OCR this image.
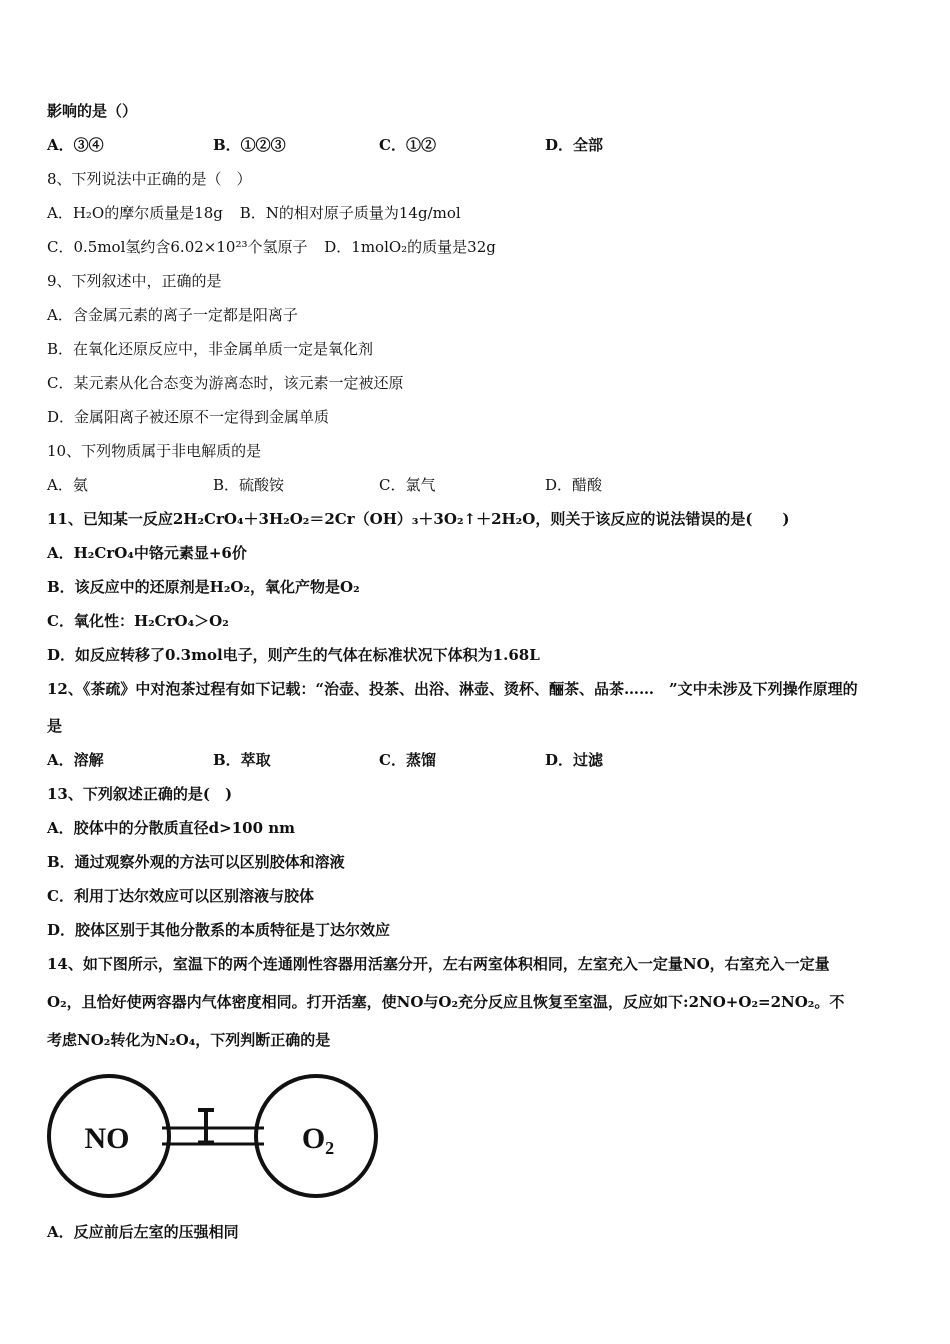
影响的是（）
A．③④	B．①②③	C．①②	D．全部
8、下列说法中正确的是（　）
A．H₂O的摩尔质量是18g B．N的相对原子质量为14g/mol
C．0.5mol氢约含6.02×10²³个氢原子 D．1molO₂的质量是32g
9、下列叙述中，正确的是
A．含金属元素的离子一定都是阳离子
B．在氧化还原反应中，非金属单质一定是氧化剂
C．某元素从化合态变为游离态时，该元素一定被还原
D．金属阳离子被还原不一定得到金属单质
10、下列物质属于非电解质的是
A．氨	B．硫酸铵	C．氯气	D．醋酸
11、已知某一反应2H₂CrO₄＋3H₂O₂＝2Cr（OH）₃＋3O₂↑＋2H₂O，则关于该反应的说法错误的是(　　)
A．H₂CrO₄中铬元素显+6价
B．该反应中的还原剂是H₂O₂，氧化产物是O₂
C．氧化性：H₂CrO₄＞O₂
D．如反应转移了0.3mol电子，则产生的气体在标准状况下体积为1.68L
12、《茶疏》中对泡茶过程有如下记载：“治壶、投茶、出浴、淋壶、烫杯、酾茶、品茶……　”文中未涉及下列操作原理的
是
A．溶解	B．萃取	C．蒸馏	D．过滤
13、下列叙述正确的是(　)
A．胶体中的分散质直径d>100 nm
B．通过观察外观的方法可以区别胶体和溶液
C．利用丁达尔效应可以区别溶液与胶体
D．胶体区别于其他分散系的本质特征是丁达尔效应
14、如下图所示，室温下的两个连通刚性容器用活塞分开，左右两室体积相同，左室充入一定量NO，右室充入一定量
O₂，且恰好使两容器内气体密度相同。打开活塞，使NO与O₂充分反应且恢复至室温，反应如下:2NO+O₂=2NO₂。不
考虑NO₂转化为N₂O₄，下列判断正确的是
NO	O₂
A．反应前后左室的压强相同
